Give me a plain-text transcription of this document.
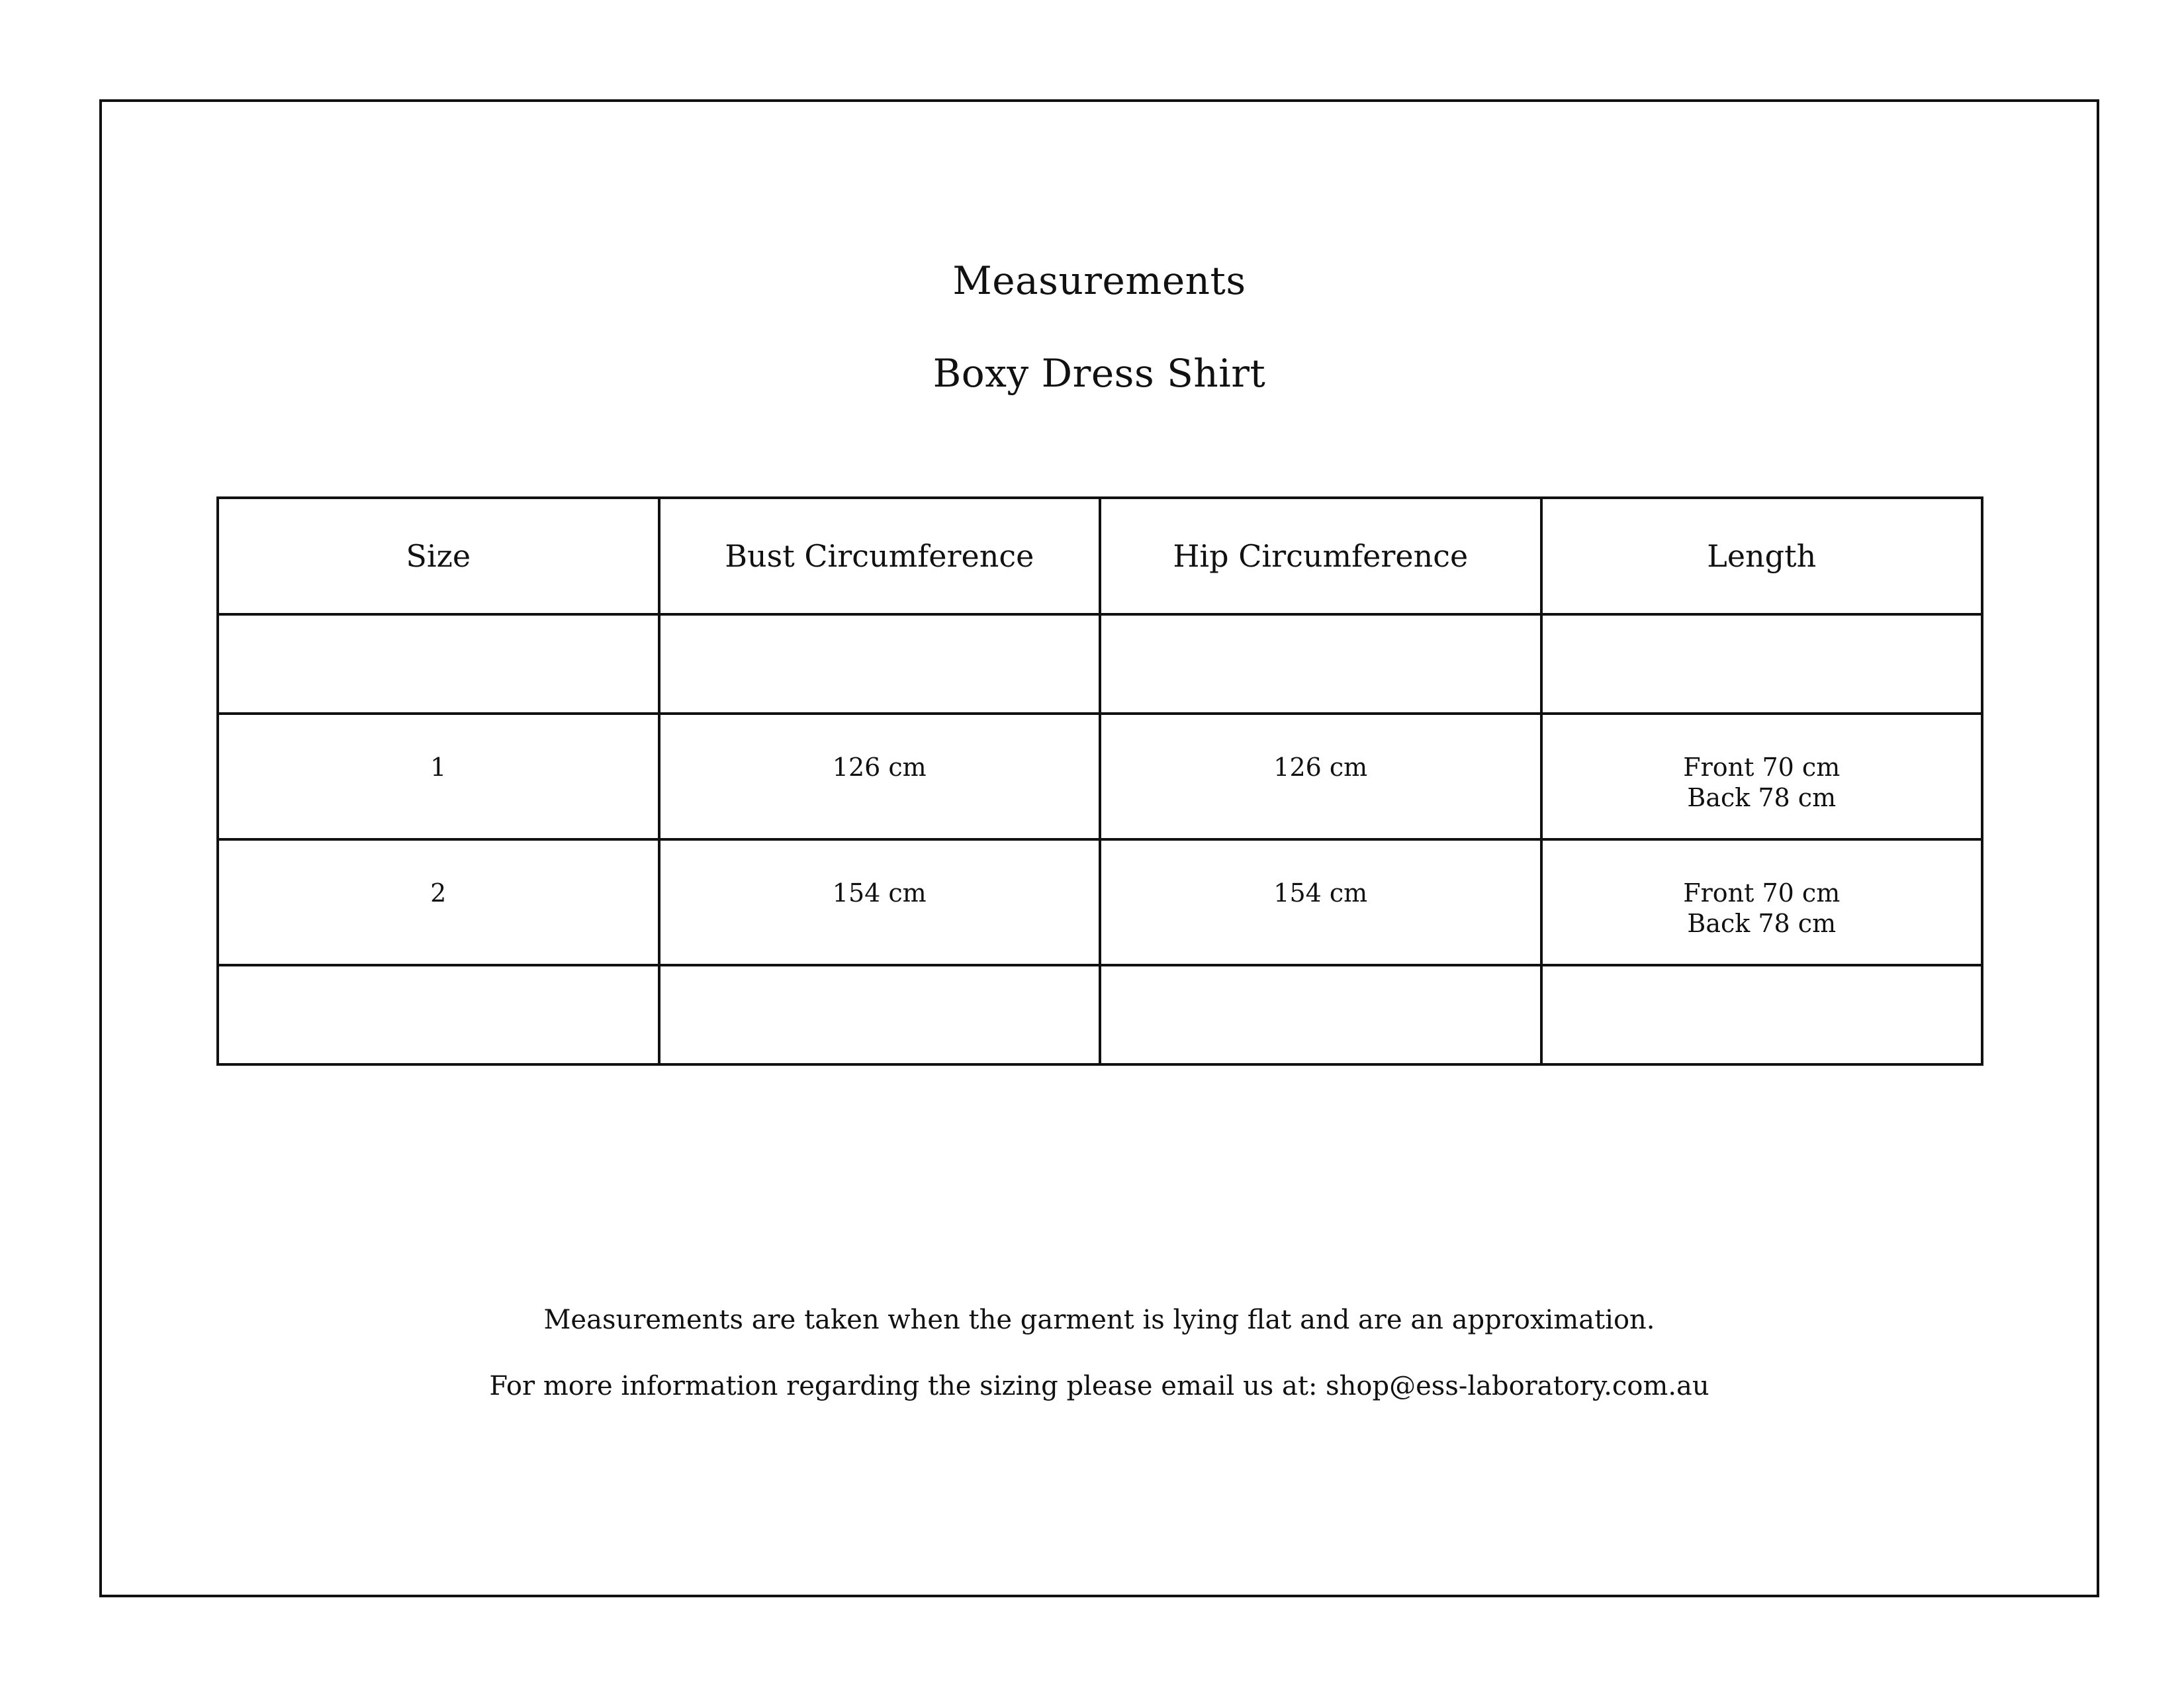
Measurements
Boxy Dress Shirt
Size	Bust Circumference	Hip Circumference	Length

1	126 cm	126 cm	Front 70 cm
Back 78 cm

2	154 cm	154 cm	Front 70 cm
Back 78 cm

Measurements are taken when the garment is lying flat and are an approximation.
For more information regarding the sizing please email us at: shop@ess-laboratory.com.au
